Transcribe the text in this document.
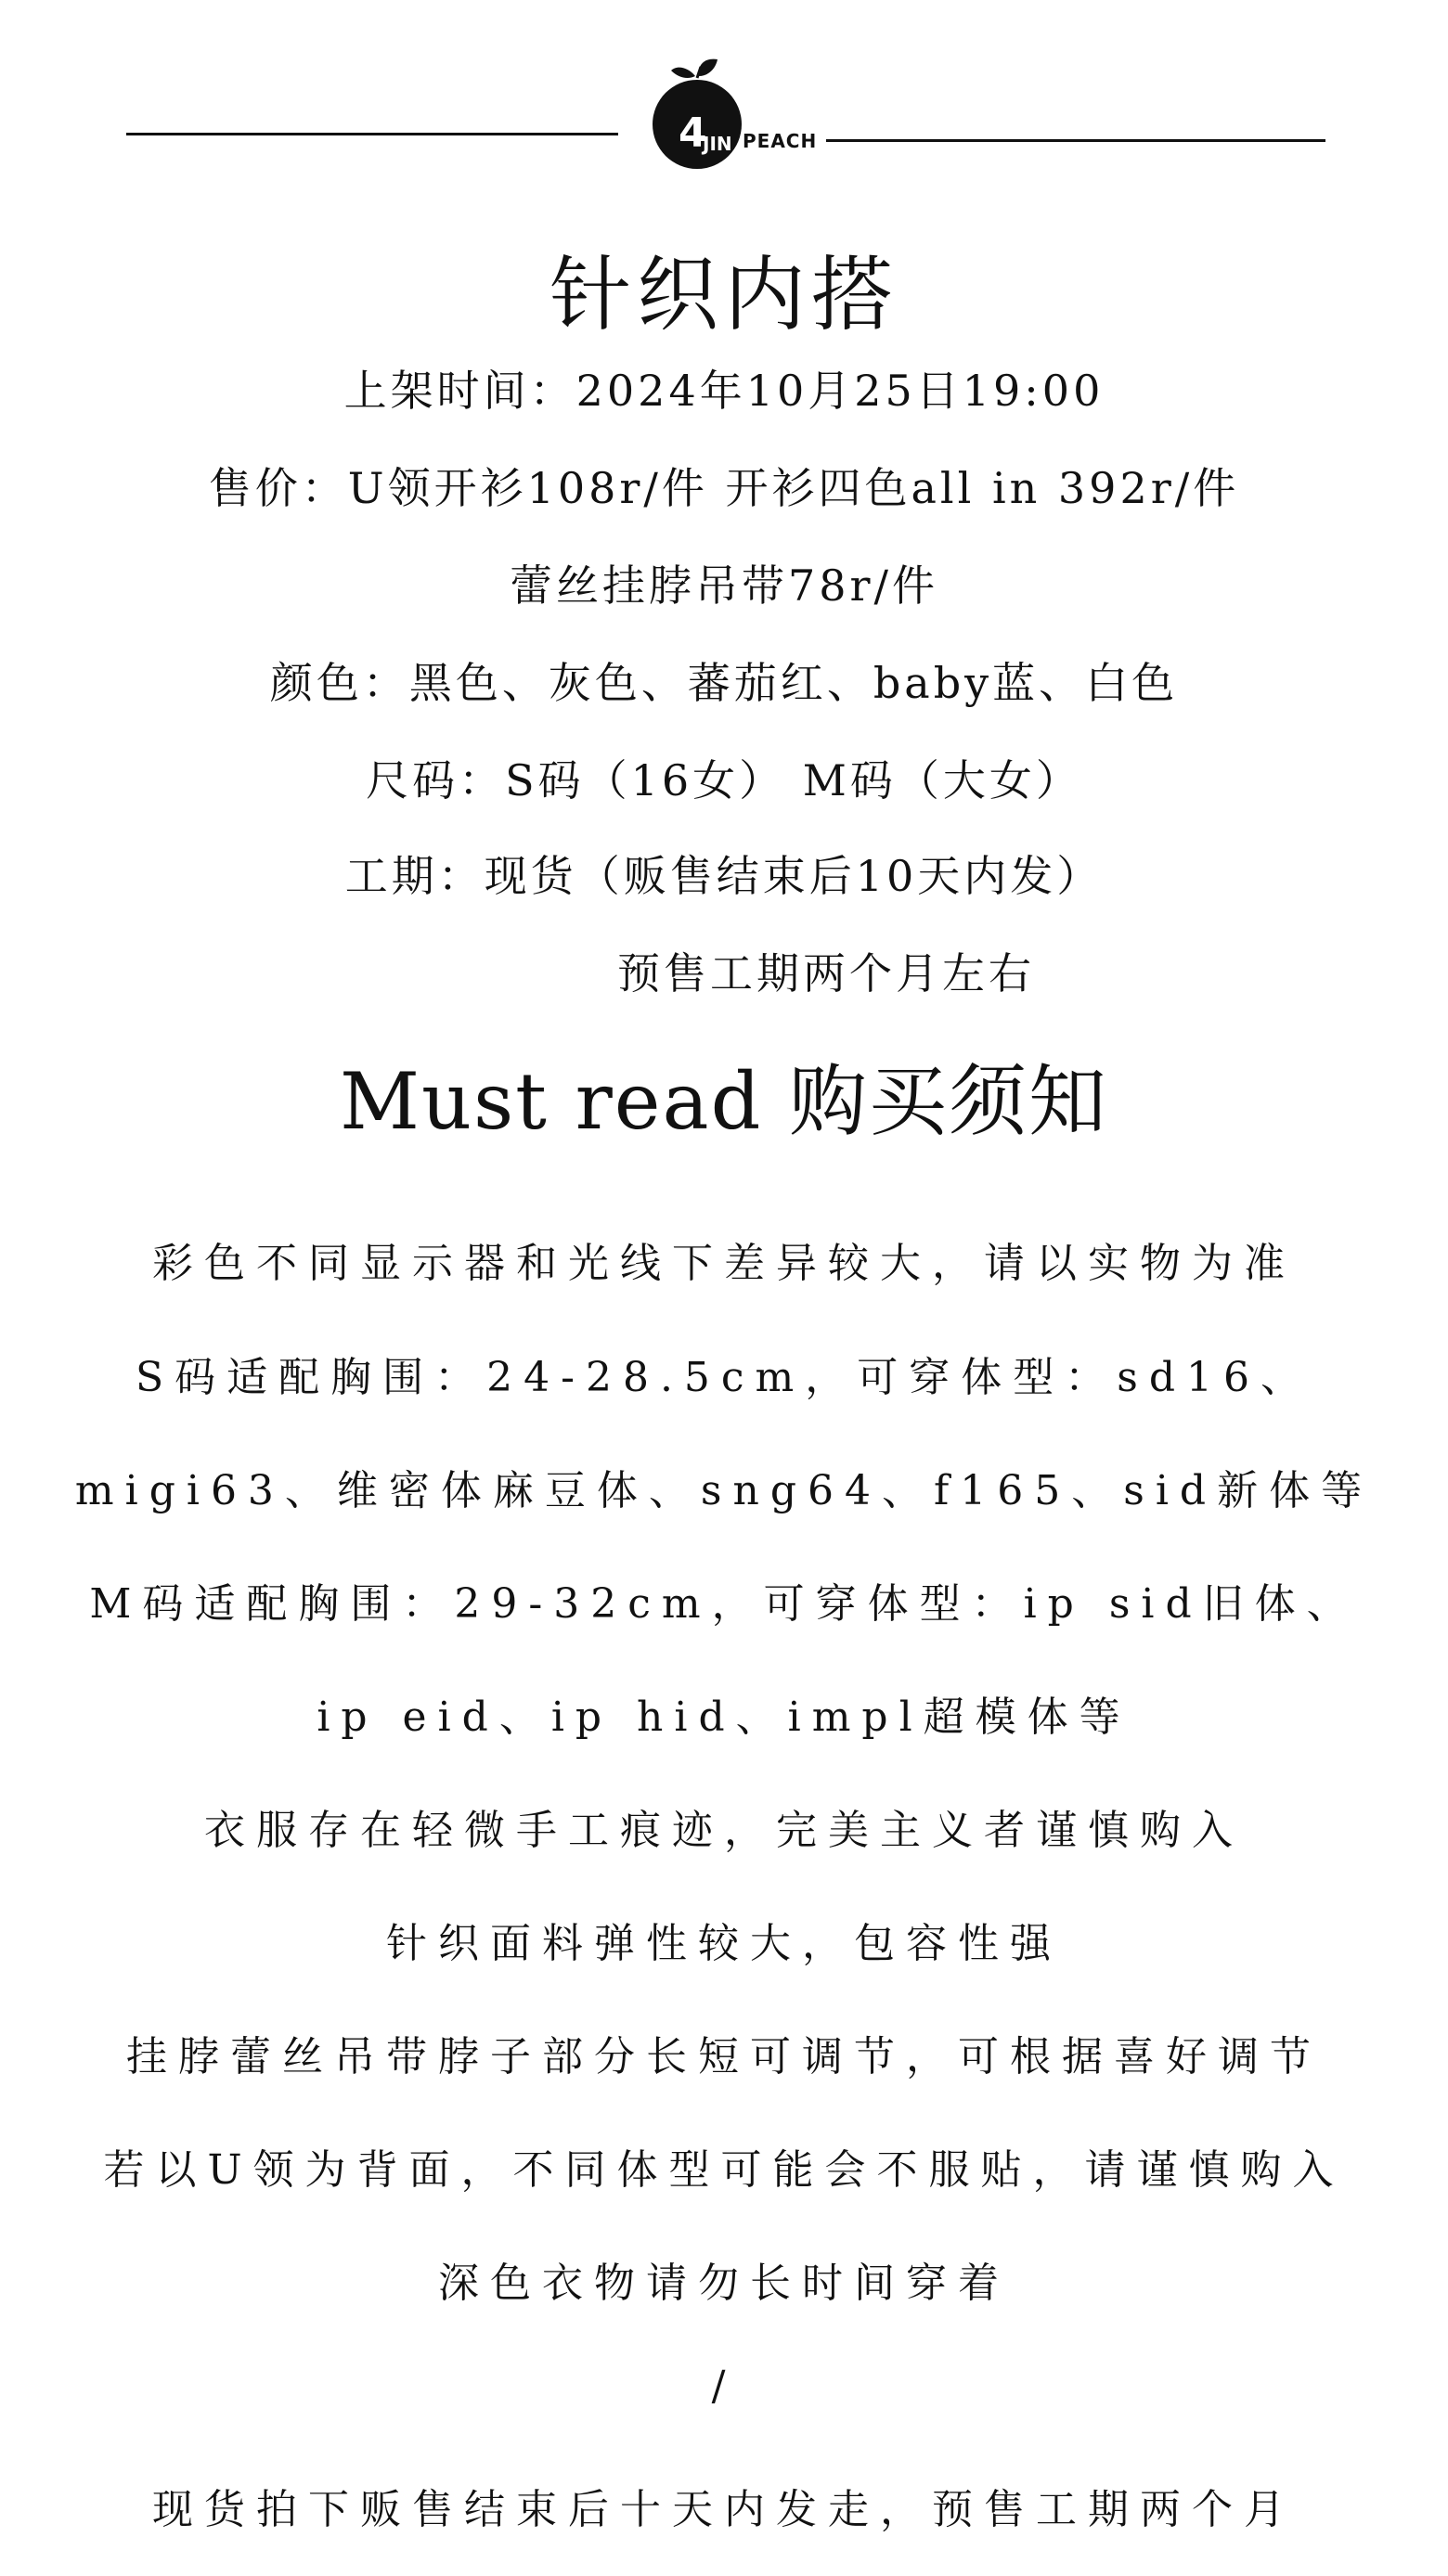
4
JIN PEACH
针织内搭
上架时间：2024年10月25日19:00
售价：U领开衫108r/件 开衫四色all in 392r/件
蕾丝挂脖吊带78r/件
颜色：黑色、灰色、蕃茄红、baby蓝、白色
尺码：S码（16女） M码（大女）
工期：现货（贩售结束后10天内发）
预售工期两个月左右
Must read 购买须知
彩色不同显示器和光线下差异较大，请以实物为准
S码适配胸围：24-28.5cm，可穿体型：sd16、
migi63、维密体麻豆体、sng64、f165、sid新体等
M码适配胸围：29-32cm，可穿体型：ip sid旧体、
ip eid、ip hid、impl超模体等
衣服存在轻微手工痕迹，完美主义者谨慎购入
针织面料弹性较大，包容性强
挂脖蕾丝吊带脖子部分长短可调节，可根据喜好调节
若以U领为背面，不同体型可能会不服贴，请谨慎购入
深色衣物请勿长时间穿着
/
现货拍下贩售结束后十天内发走，预售工期两个月
